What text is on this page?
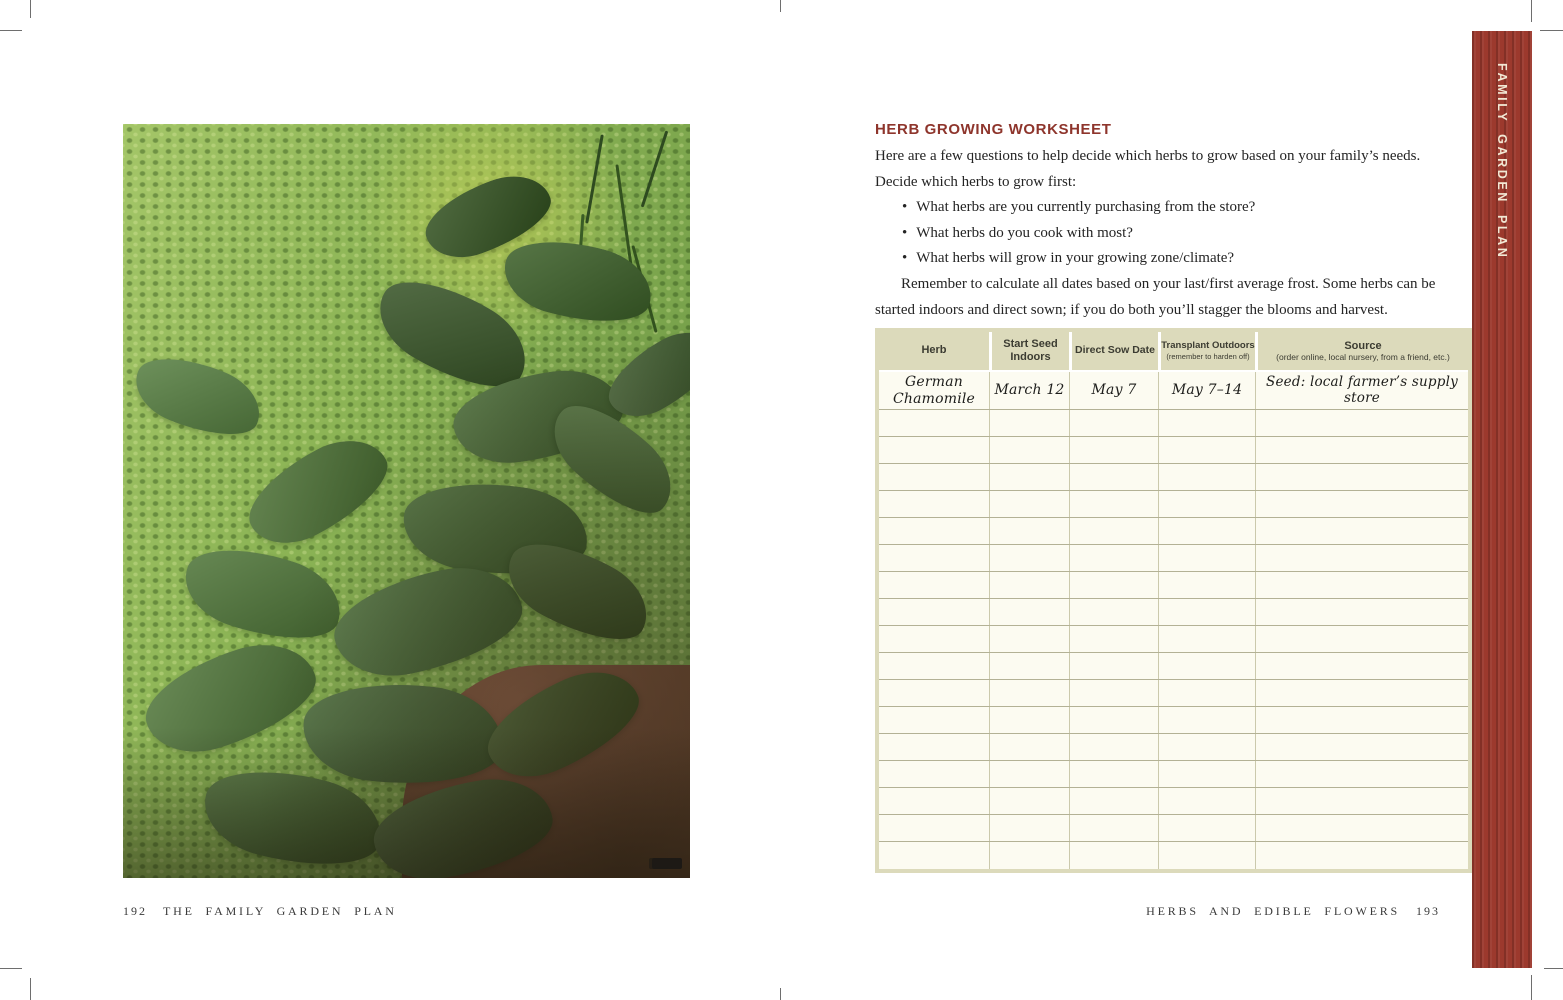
192 THE FAMILY GARDEN PLAN
HERB GROWING WORKSHEET

Here are a few questions to help decide which herbs to grow based on your family’s needs.

Decide which herbs to grow first:

• What herbs are you currently purchasing from the store?

• What herbs do you cook with most?

• What herbs will grow in your growing zone/climate?

Remember to calculate all dates based on your last/first average frost. Some herbs can be started indoors and direct sown; if you do both you’ll stagger the blooms and harvest.

Herb
Start Seed Indoors
Direct Sow Date Transplant Outdoors
(remember to harden off)
Source
(order online, local nursery, from a friend, etc.)
German Chamomile
March 12	May 7	May 7–14
Seed: local farmer’s supply store
HERBS AND EDIBLE FLOWERS 193
FAMILY GARDEN PLAN
